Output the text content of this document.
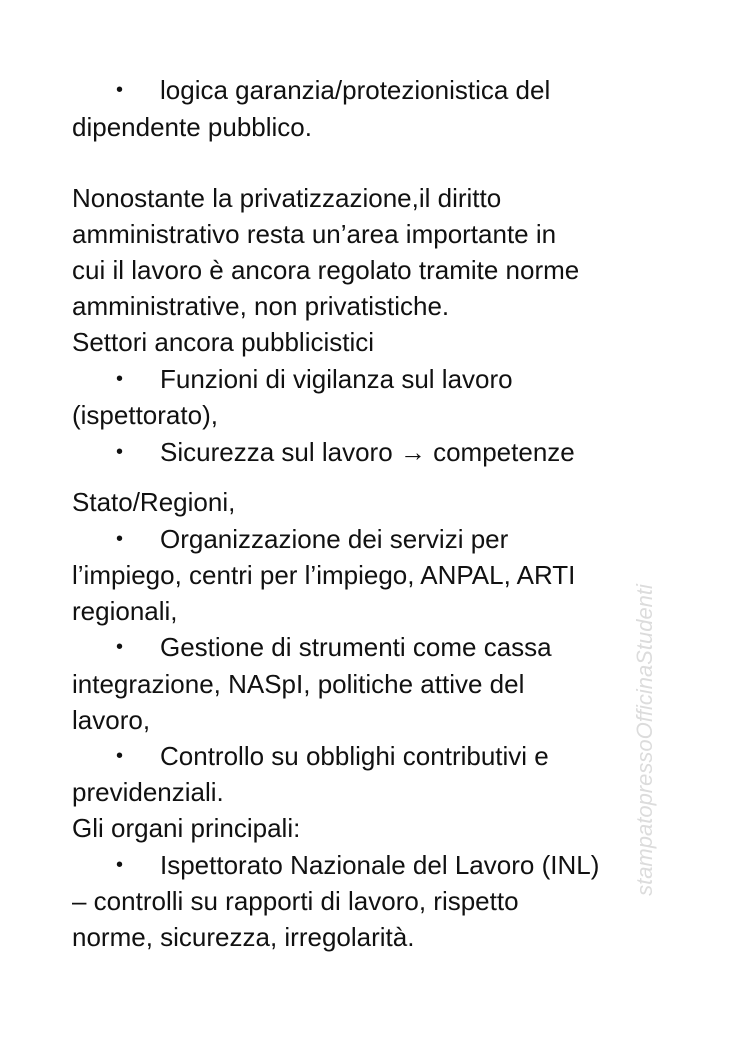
stampatopressoOfficinaStudenti
• logica garanzia/protezionistica del
dipendente pubblico.
Nonostante la privatizzazione,il diritto
amministrativo resta un’area importante in
cui il lavoro è ancora regolato tramite norme
amministrative, non privatistiche.
Settori ancora pubblicistici
• Funzioni di vigilanza sul lavoro
(ispettorato),
• Sicurezza sul lavoro → competenze
Stato/Regioni,
• Organizzazione dei servizi per
l’impiego, centri per l’impiego, ANPAL, ARTI
regionali,
• Gestione di strumenti come cassa
integrazione, NASpI, politiche attive del
lavoro,
• Controllo su obblighi contributivi e
previdenziali.
Gli organi principali:
• Ispettorato Nazionale del Lavoro (INL)
– controlli su rapporti di lavoro, rispetto
norme, sicurezza, irregolarità.
